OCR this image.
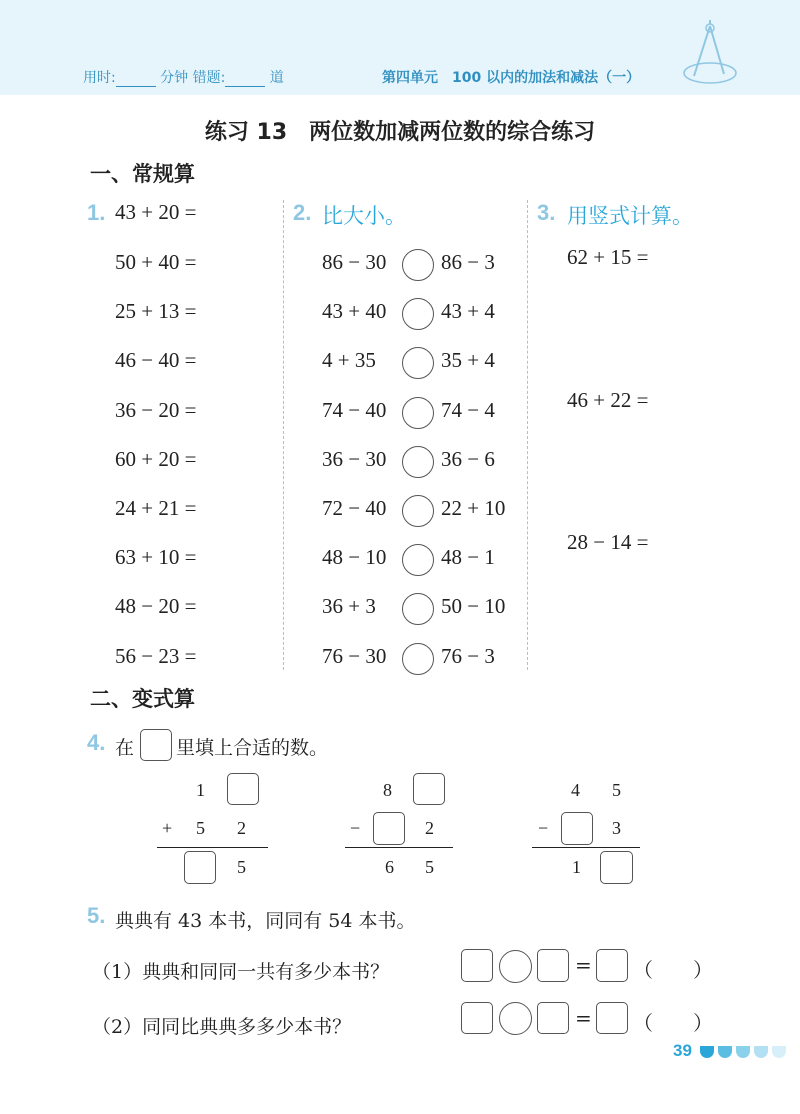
用时:	分钟 错题:	道	第四单元　100 以内的加法和减法（一）
练习 13　两位数加减两位数的综合练习
一、常规算
1. 43 + 20 =
50 + 40 =
25 + 13 =
46 − 40 =
36 − 20 =
60 + 20 =
24 + 21 =
63 + 10 =
48 − 20 =
56 − 23 =
2. 比大小。
86 − 30	86 − 3
43 + 40	43 + 4
4 + 35	35 + 4
74 − 40	74 − 4
36 − 30	36 − 6
72 − 40	22 + 10
48 − 10	48 − 1
36 + 3	50 − 10
76 − 30	76 − 3
3. 用竖式计算。
62 + 15 =
46 + 22 =
28 − 14 =
二、变式算
4. 在 里填上合适的数。
1
+ 5 2
5
8
−	2
6 5
4 5
−	3
1
5. 典典有 43 本书，同同有 54 本书。
（1）典典和同同一共有多少本书？	= （　　）
（2）同同比典典多多少本书？	= （　　）
39
